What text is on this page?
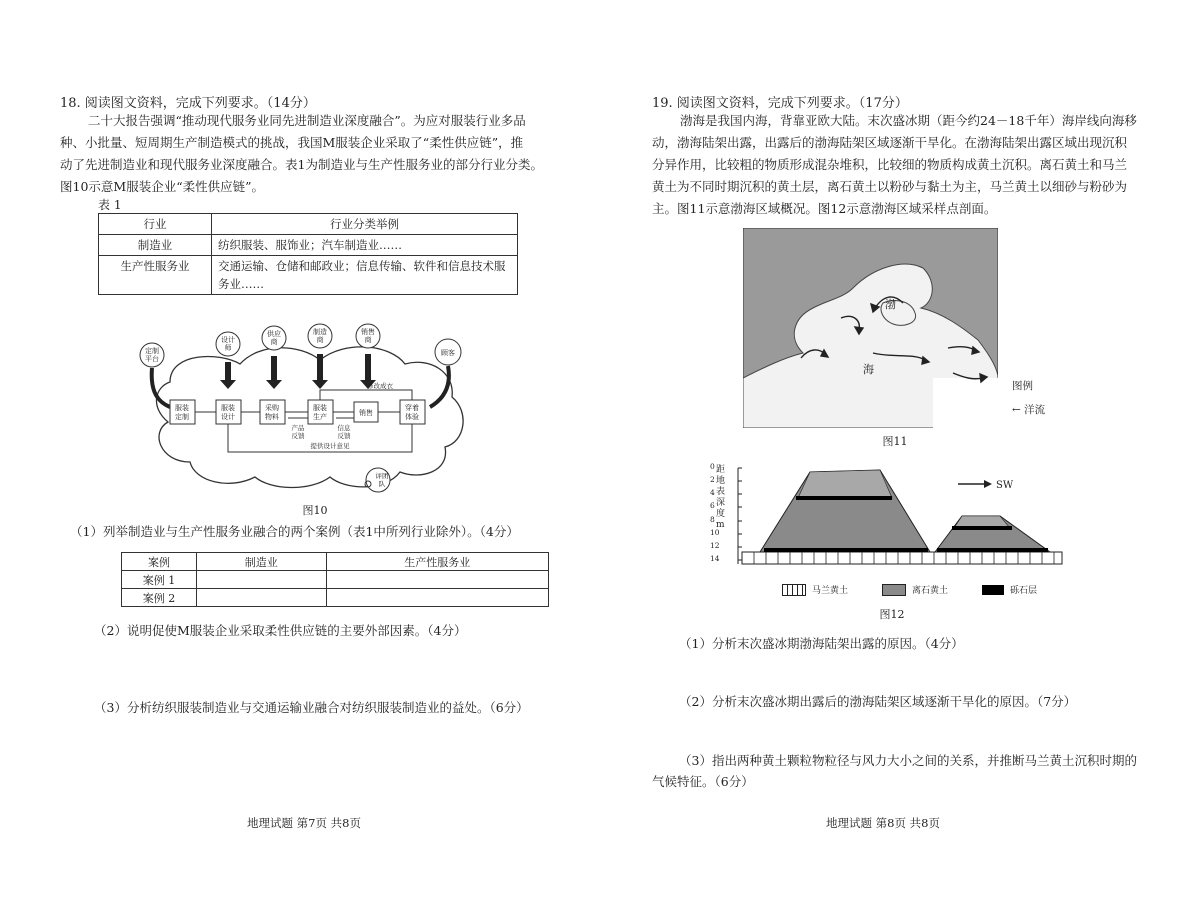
18. 阅读图文资料，完成下列要求。（14分）
二十大报告强调“推动现代服务业同先进制造业深度融合”。为应对服装行业多品
种、小批量、短周期生产制造模式的挑战，我国M服装企业采取了“柔性供应链”，推
动了先进制造业和现代服务业深度融合。表1为制造业与生产性服务业的部分行业分类。
图10示意M服装企业“柔性供应链”。
表 1
行业	行业分类举例
制造业	纺织服装、服饰业；汽车制造业……
生产性服务业	交通运输、仓储和邮政业；信息传输、软件和信息技术服务业……
定制
平台
设计
师
供应
商
制造
商
销售
商
顾客
服装
定制
服装
设计
采购
物料
服装
生产	销售
穿着
体验
修改成衣
产品
反馈
信息
反馈
提供设计意见
评团
队
图10
（1）列举制造业与生产性服务业融合的两个案例（表1中所列行业除外）。（4分）
案例	制造业	生产性服务业
案例 1		
案例 2		
（2）说明促使M服装企业采取柔性供应链的主要外部因素。（4分）
（3）分析纺织服装制造业与交通运输业融合对纺织服装制造业的益处。（6分）
地理试题 第7页 共8页
19. 阅读图文资料，完成下列要求。（17分）
渤海是我国内海，背靠亚欧大陆。末次盛冰期（距今约24－18千年）海岸线向海移
动，渤海陆架出露，出露后的渤海陆架区域逐渐干旱化。在渤海陆架出露区域出现沉积
分异作用，比较粗的物质形成混杂堆积，比较细的物质构成黄土沉积。离石黄土和马兰
黄土为不同时期沉积的黄土层，离石黄土以粉砂与黏土为主，马兰黄土以细砂与粉砂为
主。图11示意渤海区域概况。图12示意渤海区域采样点剖面。
渤
海
图例
← 洋流
图11
距地表深度m
SW
0
2
4
6
8
10
12
14
马兰黄土	离石黄土	砾石层
图12
（1）分析末次盛冰期渤海陆架出露的原因。（4分）
（2）分析末次盛冰期出露后的渤海陆架区域逐渐干旱化的原因。（7分）
（3）指出两种黄土颗粒物粒径与风力大小之间的关系，并推断马兰黄土沉积时期的
气候特征。（6分）
地理试题 第8页 共8页
